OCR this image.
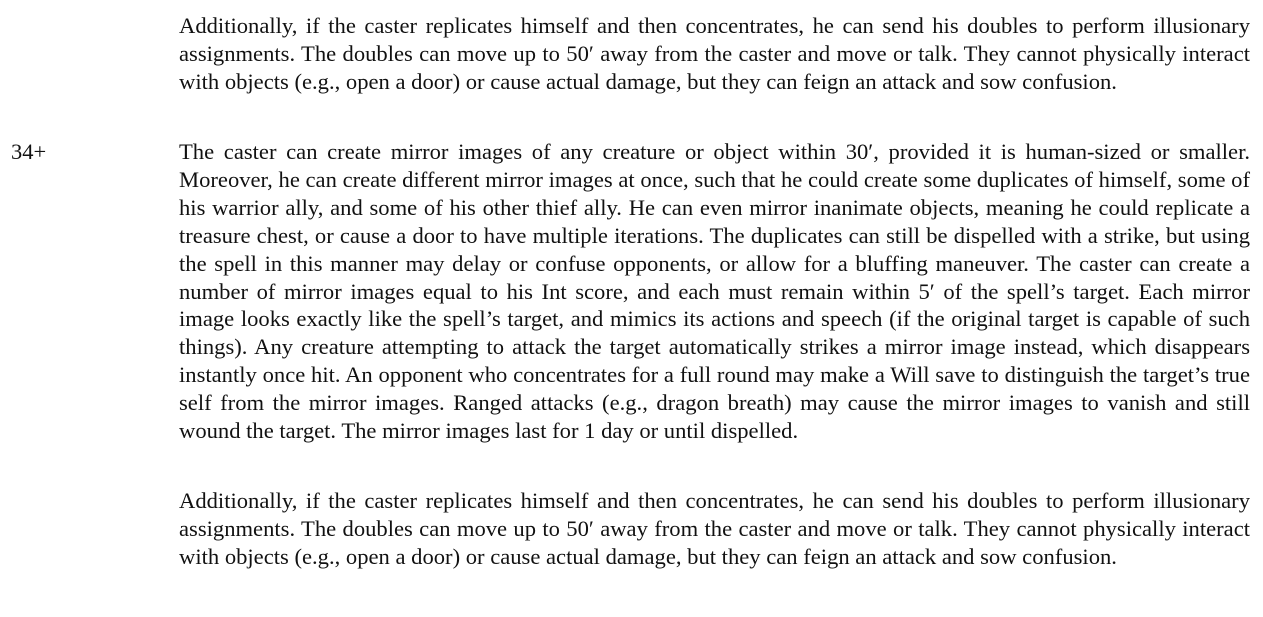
Additionally, if the caster replicates himself and then concentrates, he can send his doubles to perform illusionary assignments. The doubles can move up to 50′ away from the caster and move or talk. They cannot physically interact with objects (e.g., open a door) or cause actual damage, but they can feign an attack and sow confusion.

34+	The caster can create mirror images of any creature or object within 30′, provided it is human-sized or smaller. Moreover, he can create different mirror images at once, such that he could create some duplicates of himself, some of his warrior ally, and some of his other thief ally. He can even mirror inanimate objects, meaning he could replicate a treasure chest, or cause a door to have multiple iterations. The duplicates can still be dispelled with a strike, but using the spell in this manner may delay or confuse opponents, or allow for a bluffing maneuver. The caster can create a number of mirror images equal to his Int score, and each must remain within 5′ of the spell’s target. Each mirror image looks exactly like the spell’s target, and mimics its actions and speech (if the original target is capable of such things). Any creature attempting to attack the target automatically strikes a mirror image instead, which disappears instantly once hit. An opponent who concentrates for a full round may make a Will save to distinguish the target’s true self from the mirror images. Ranged attacks (e.g., dragon breath) may cause the mirror images to vanish and still wound the target. The mirror images last for 1 day or until dispelled.

Additionally, if the caster replicates himself and then concentrates, he can send his doubles to perform illusionary assignments. The doubles can move up to 50′ away from the caster and move or talk. They cannot physically interact with objects (e.g., open a door) or cause actual damage, but they can feign an attack and sow confusion.
